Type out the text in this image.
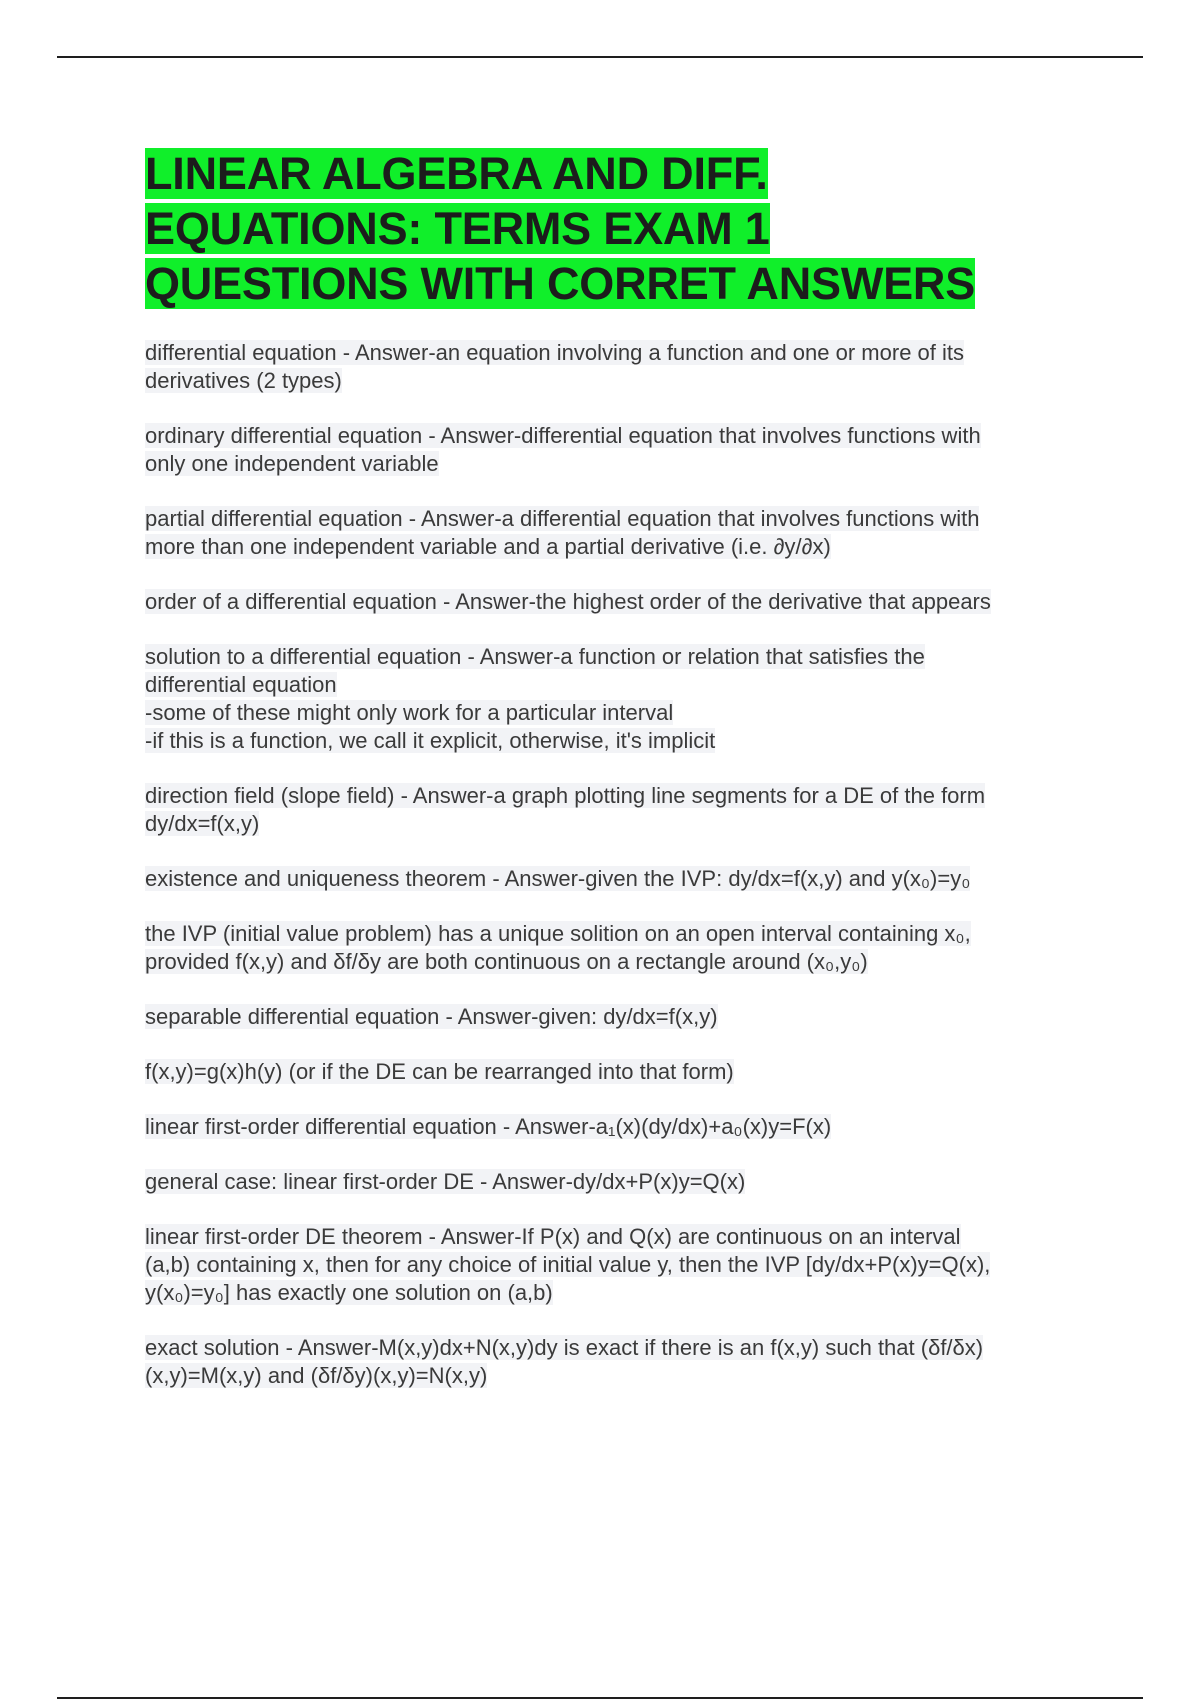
LINEAR ALGEBRA AND DIFF.
EQUATIONS: TERMS EXAM 1
QUESTIONS WITH CORRET ANSWERS
differential equation - Answer-an equation involving a function and one or more of its
derivatives (2 types)
ordinary differential equation - Answer-differential equation that involves functions with
only one independent variable
partial differential equation - Answer-a differential equation that involves functions with
more than one independent variable and a partial derivative (i.e. ∂y/∂x)
order of a differential equation - Answer-the highest order of the derivative that appears
solution to a differential equation - Answer-a function or relation that satisfies the
differential equation
-some of these might only work for a particular interval
-if this is a function, we call it explicit, otherwise, it's implicit
direction field (slope field) - Answer-a graph plotting line segments for a DE of the form
dy/dx=f(x,y)
existence and uniqueness theorem - Answer-given the IVP: dy/dx=f(x,y) and y(x₀)=y₀
the IVP (initial value problem) has a unique solition on an open interval containing x₀,
provided f(x,y) and δf/δy are both continuous on a rectangle around (x₀,y₀)
separable differential equation - Answer-given: dy/dx=f(x,y)
f(x,y)=g(x)h(y) (or if the DE can be rearranged into that form)
linear first-order differential equation - Answer-a₁(x)(dy/dx)+a₀(x)y=F(x)
general case: linear first-order DE - Answer-dy/dx+P(x)y=Q(x)
linear first-order DE theorem - Answer-If P(x) and Q(x) are continuous on an interval
(a,b) containing x, then for any choice of initial value y, then the IVP [dy/dx+P(x)y=Q(x),
y(x₀)=y₀] has exactly one solution on (a,b)
exact solution - Answer-M(x,y)dx+N(x,y)dy is exact if there is an f(x,y) such that (δf/δx)
(x,y)=M(x,y) and (δf/δy)(x,y)=N(x,y)
